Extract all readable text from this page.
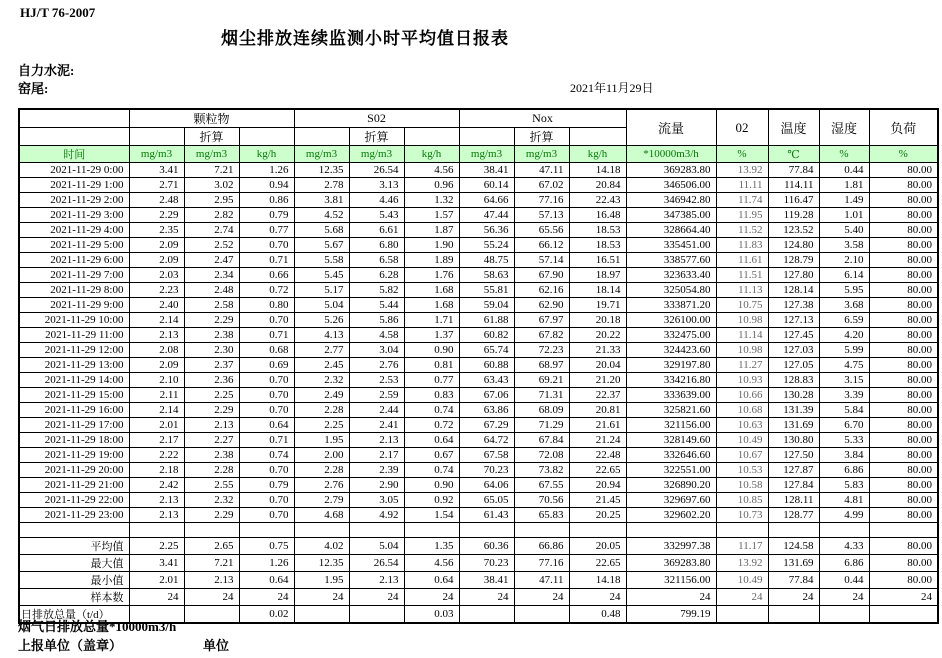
HJ/T 76-2007
烟尘排放连续监测小时平均值日报表
自力水泥:
窑尾:	2021年11月29日
	颗粒物			S02			Nox			流量	02	温度	湿度	负荷
		折算			折算			折算						
时间	mg/m3	mg/m3	kg/h	mg/m3	mg/m3	kg/h	mg/m3	mg/m3	kg/h	*10000m3/h	%	℃	%	%
2021-11-29 0:00	3.41	7.21	1.26	12.35	26.54	4.56	38.41	47.11	14.18	369283.80	13.92	77.84	0.44	80.00
2021-11-29 1:00	2.71	3.02	0.94	2.78	3.13	0.96	60.14	67.02	20.84	346506.00	11.11	114.11	1.81	80.00
2021-11-29 2:00	2.48	2.95	0.86	3.81	4.46	1.32	64.66	77.16	22.43	346942.80	11.74	116.47	1.49	80.00
2021-11-29 3:00	2.29	2.82	0.79	4.52	5.43	1.57	47.44	57.13	16.48	347385.00	11.95	119.28	1.01	80.00
2021-11-29 4:00	2.35	2.74	0.77	5.68	6.61	1.87	56.36	65.56	18.53	328664.40	11.52	123.52	5.40	80.00
2021-11-29 5:00	2.09	2.52	0.70	5.67	6.80	1.90	55.24	66.12	18.53	335451.00	11.83	124.80	3.58	80.00
2021-11-29 6:00	2.09	2.47	0.71	5.58	6.58	1.89	48.75	57.14	16.51	338577.60	11.61	128.79	2.10	80.00
2021-11-29 7:00	2.03	2.34	0.66	5.45	6.28	1.76	58.63	67.90	18.97	323633.40	11.51	127.80	6.14	80.00
2021-11-29 8:00	2.23	2.48	0.72	5.17	5.82	1.68	55.81	62.16	18.14	325054.80	11.13	128.14	5.95	80.00
2021-11-29 9:00	2.40	2.58	0.80	5.04	5.44	1.68	59.04	62.90	19.71	333871.20	10.75	127.38	3.68	80.00
2021-11-29 10:00	2.14	2.29	0.70	5.26	5.86	1.71	61.88	67.97	20.18	326100.00	10.98	127.13	6.59	80.00
2021-11-29 11:00	2.13	2.38	0.71	4.13	4.58	1.37	60.82	67.82	20.22	332475.00	11.14	127.45	4.20	80.00
2021-11-29 12:00	2.08	2.30	0.68	2.77	3.04	0.90	65.74	72.23	21.33	324423.60	10.98	127.03	5.99	80.00
2021-11-29 13:00	2.09	2.37	0.69	2.45	2.76	0.81	60.88	68.97	20.04	329197.80	11.27	127.05	4.75	80.00
2021-11-29 14:00	2.10	2.36	0.70	2.32	2.53	0.77	63.43	69.21	21.20	334216.80	10.93	128.83	3.15	80.00
2021-11-29 15:00	2.11	2.25	0.70	2.49	2.59	0.83	67.06	71.31	22.37	333639.00	10.66	130.28	3.39	80.00
2021-11-29 16:00	2.14	2.29	0.70	2.28	2.44	0.74	63.86	68.09	20.81	325821.60	10.68	131.39	5.84	80.00
2021-11-29 17:00	2.01	2.13	0.64	2.25	2.41	0.72	67.29	71.29	21.61	321156.00	10.63	131.69	6.70	80.00
2021-11-29 18:00	2.17	2.27	0.71	1.95	2.13	0.64	64.72	67.84	21.24	328149.60	10.49	130.80	5.33	80.00
2021-11-29 19:00	2.22	2.38	0.74	2.00	2.17	0.67	67.58	72.08	22.48	332646.60	10.67	127.50	3.84	80.00
2021-11-29 20:00	2.18	2.28	0.70	2.28	2.39	0.74	70.23	73.82	22.65	322551.00	10.53	127.87	6.86	80.00
2021-11-29 21:00	2.42	2.55	0.79	2.76	2.90	0.90	64.06	67.55	20.94	326890.20	10.58	127.84	5.83	80.00
2021-11-29 22:00	2.13	2.32	0.70	2.79	3.05	0.92	65.05	70.56	21.45	329697.60	10.85	128.11	4.81	80.00
2021-11-29 23:00	2.13	2.29	0.70	4.68	4.92	1.54	61.43	65.83	20.25	329602.20	10.73	128.77	4.99	80.00

平均值	2.25	2.65	0.75	4.02	5.04	1.35	60.36	66.86	20.05	332997.38	11.17	124.58	4.33	80.00
最大值	3.41	7.21	1.26	12.35	26.54	4.56	70.23	77.16	22.65	369283.80	13.92	131.69	6.86	80.00
最小值	2.01	2.13	0.64	1.95	2.13	0.64	38.41	47.11	14.18	321156.00	10.49	77.84	0.44	80.00
样本数	24	24	24	24	24	24	24	24	24	24	24	24	24	24
日排放总量（t/d）			0.02			0.03			0.48	799.19				
烟气日排放总量*10000m3/h
上报单位（盖章）	单位
